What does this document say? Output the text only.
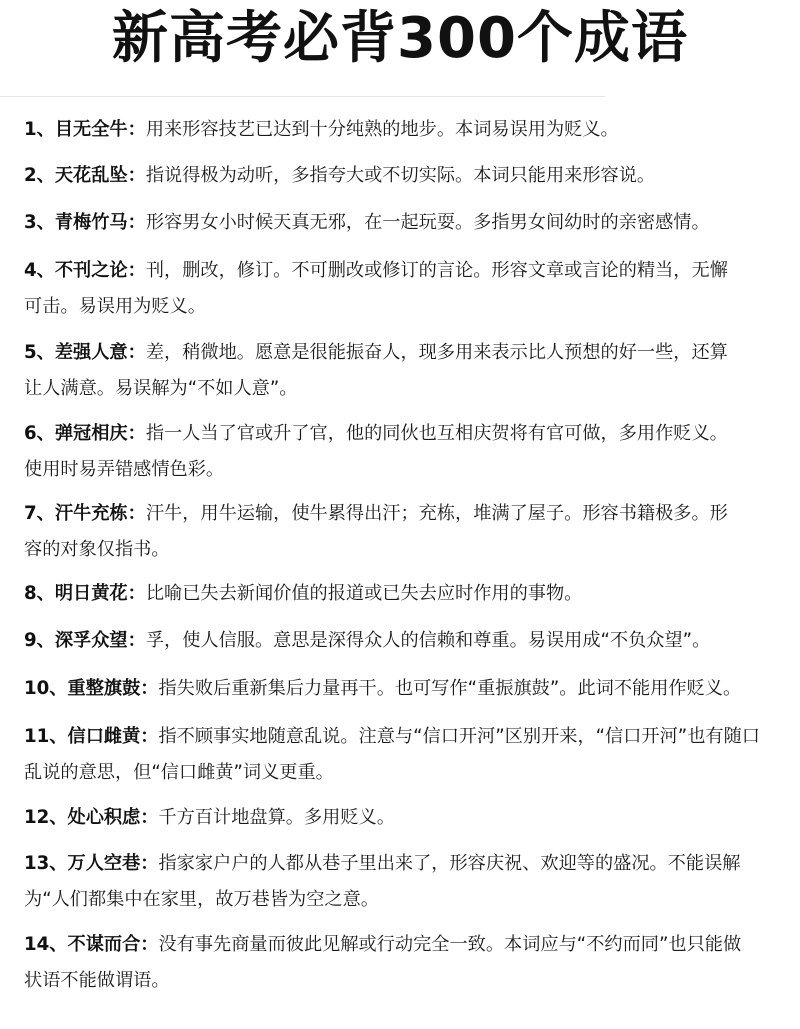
新高考必背300个成语
1、目无全牛：用来形容技艺已达到十分纯熟的地步。本词易误用为贬义。
2、天花乱坠：指说得极为动听，多指夸大或不切实际。本词只能用来形容说。
3、青梅竹马：形容男女小时候天真无邪，在一起玩耍。多指男女间幼时的亲密感情。
4、不刊之论：刊，删改，修订。不可删改或修订的言论。形容文章或言论的精当，无懈
可击。易误用为贬义。
5、差强人意：差，稍微地。愿意是很能振奋人，现多用来表示比人预想的好一些，还算
让人满意。易误解为“不如人意”。
6、弹冠相庆：指一人当了官或升了官，他的同伙也互相庆贺将有官可做，多用作贬义。
使用时易弄错感情色彩。
7、汗牛充栋：汗牛，用牛运输，使牛累得出汗；充栋，堆满了屋子。形容书籍极多。形
容的对象仅指书。
8、明日黄花：比喻已失去新闻价值的报道或已失去应时作用的事物。
9、深孚众望：孚，使人信服。意思是深得众人的信赖和尊重。易误用成“不负众望”。
10、重整旗鼓：指失败后重新集后力量再干。也可写作“重振旗鼓”。此词不能用作贬义。
11、信口雌黄：指不顾事实地随意乱说。注意与“信口开河”区别开来，“信口开河”也有随口
乱说的意思，但“信口雌黄”词义更重。
12、处心积虑：千方百计地盘算。多用贬义。
13、万人空巷：指家家户户的人都从巷子里出来了，形容庆祝、欢迎等的盛况。不能误解
为“人们都集中在家里，故万巷皆为空之意。
14、不谋而合：没有事先商量而彼此见解或行动完全一致。本词应与“不约而同”也只能做
状语不能做谓语。
